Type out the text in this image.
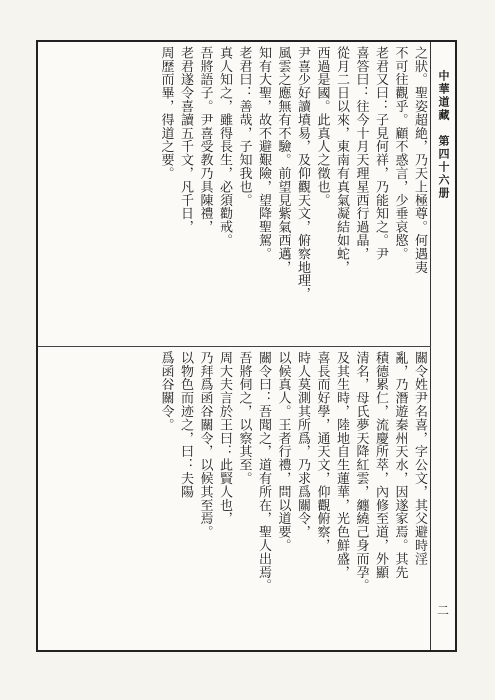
中華道藏　第四十六册
二
之狀。聖姿超絶，乃天上極尊。何遇夷
不可往觀乎。顧不惑言，少垂哀愍。
老君又曰：子見何祥，乃能知之。尹
喜答曰：往今十月天理星西行過晶，
從月二日以來，東南有真氣凝結如蛇，
西過是國。此真人之徵也。
尹喜少好讀墳易，及仰觀天文，俯察地理，
風雲之應無有不驗。前望見紫氣西邁，
知有大聖，故不避艱險，望降聖駕。
老君曰：善哉，子知我也。
真人知之，雖得長生，必須勸戒。
吾將語子。尹喜受教乃具陳禮，
老君遂令喜讀五千文，凡千日，
周歷而畢，得道之要。
關令姓尹名喜，字公文，其父避時淫
亂，乃潛遊秦州天水，因遂家焉。其先
積德累仁，流慶所萃，內修至道，外顯
清名，母氏夢天降紅雲，纏繞己身而孕。
及其生時，陸地自生蓮華，光色鮮盛，
喜長而好學，通天文，仰觀俯察，
時人莫測其所爲，乃求爲關令，
以候真人。王者行禮，問以道要。
關令曰：吾聞之，道有所在，聖人出焉。
吾將伺之，以察其至。
周大夫言於王曰：此賢人也，
乃拜爲函谷關令，以候其至焉。
以物色而迹之，曰：夫陽
爲函谷關令。
